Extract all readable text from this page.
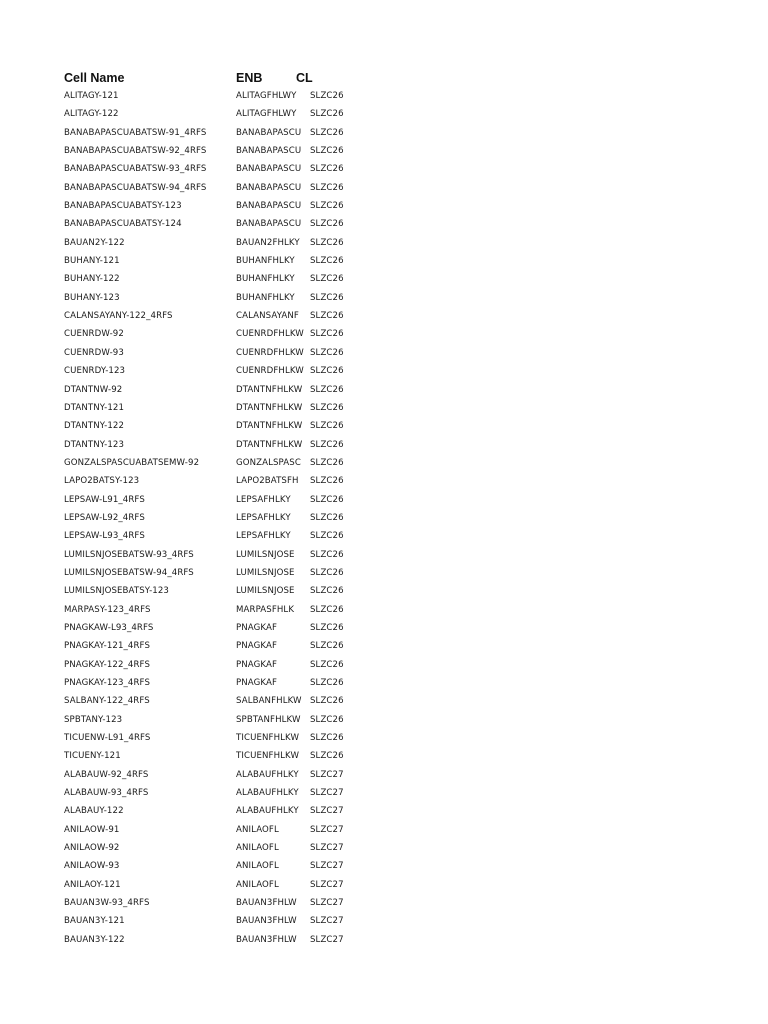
Cell Name	ENB	CL
ALITAGY-121	ALITAGFHLWY	SLZC26
ALITAGY-122	ALITAGFHLWY	SLZC26
BANABAPASCUABATSW-91_4RFS	BANABAPASCU	SLZC26
BANABAPASCUABATSW-92_4RFS	BANABAPASCU	SLZC26
BANABAPASCUABATSW-93_4RFS	BANABAPASCU	SLZC26
BANABAPASCUABATSW-94_4RFS	BANABAPASCU	SLZC26
BANABAPASCUABATSY-123	BANABAPASCU	SLZC26
BANABAPASCUABATSY-124	BANABAPASCU	SLZC26
BAUAN2Y-122	BAUAN2FHLKY	SLZC26
BUHANY-121	BUHANFHLKY	SLZC26
BUHANY-122	BUHANFHLKY	SLZC26
BUHANY-123	BUHANFHLKY	SLZC26
CALANSAYANY-122_4RFS	CALANSAYANF	SLZC26
CUENRDW-92	CUENRDFHLKW SLZC26
CUENRDW-93	CUENRDFHLKW SLZC26
CUENRDY-123	CUENRDFHLKW SLZC26
DTANTNW-92	DTANTNFHLKW SLZC26
DTANTNY-121	DTANTNFHLKW SLZC26
DTANTNY-122	DTANTNFHLKW SLZC26
DTANTNY-123	DTANTNFHLKW SLZC26
GONZALSPASCUABATSEMW-92	GONZALSPASC	SLZC26
LAPO2BATSY-123	LAPO2BATSFH	SLZC26
LEPSAW-L91_4RFS	LEPSAFHLKY	SLZC26
LEPSAW-L92_4RFS	LEPSAFHLKY	SLZC26
LEPSAW-L93_4RFS	LEPSAFHLKY	SLZC26
LUMILSNJOSEBATSW-93_4RFS	LUMILSNJOSE	SLZC26
LUMILSNJOSEBATSW-94_4RFS	LUMILSNJOSE	SLZC26
LUMILSNJOSEBATSY-123	LUMILSNJOSE	SLZC26
MARPASY-123_4RFS	MARPASFHLK	SLZC26
PNAGKAW-L93_4RFS	PNAGKAF	SLZC26
PNAGKAY-121_4RFS	PNAGKAF	SLZC26
PNAGKAY-122_4RFS	PNAGKAF	SLZC26
PNAGKAY-123_4RFS	PNAGKAF	SLZC26
SALBANY-122_4RFS	SALBANFHLKW SLZC26
SPBTANY-123	SPBTANFHLKW	SLZC26
TICUENW-L91_4RFS	TICUENFHLKW	SLZC26
TICUENY-121	TICUENFHLKW	SLZC26
ALABAUW-92_4RFS	ALABAUFHLKY	SLZC27
ALABAUW-93_4RFS	ALABAUFHLKY	SLZC27
ALABAUY-122	ALABAUFHLKY	SLZC27
ANILAOW-91	ANILAOFL	SLZC27
ANILAOW-92	ANILAOFL	SLZC27
ANILAOW-93	ANILAOFL	SLZC27
ANILAOY-121	ANILAOFL	SLZC27
BAUAN3W-93_4RFS	BAUAN3FHLW	SLZC27
BAUAN3Y-121	BAUAN3FHLW	SLZC27
BAUAN3Y-122	BAUAN3FHLW	SLZC27
